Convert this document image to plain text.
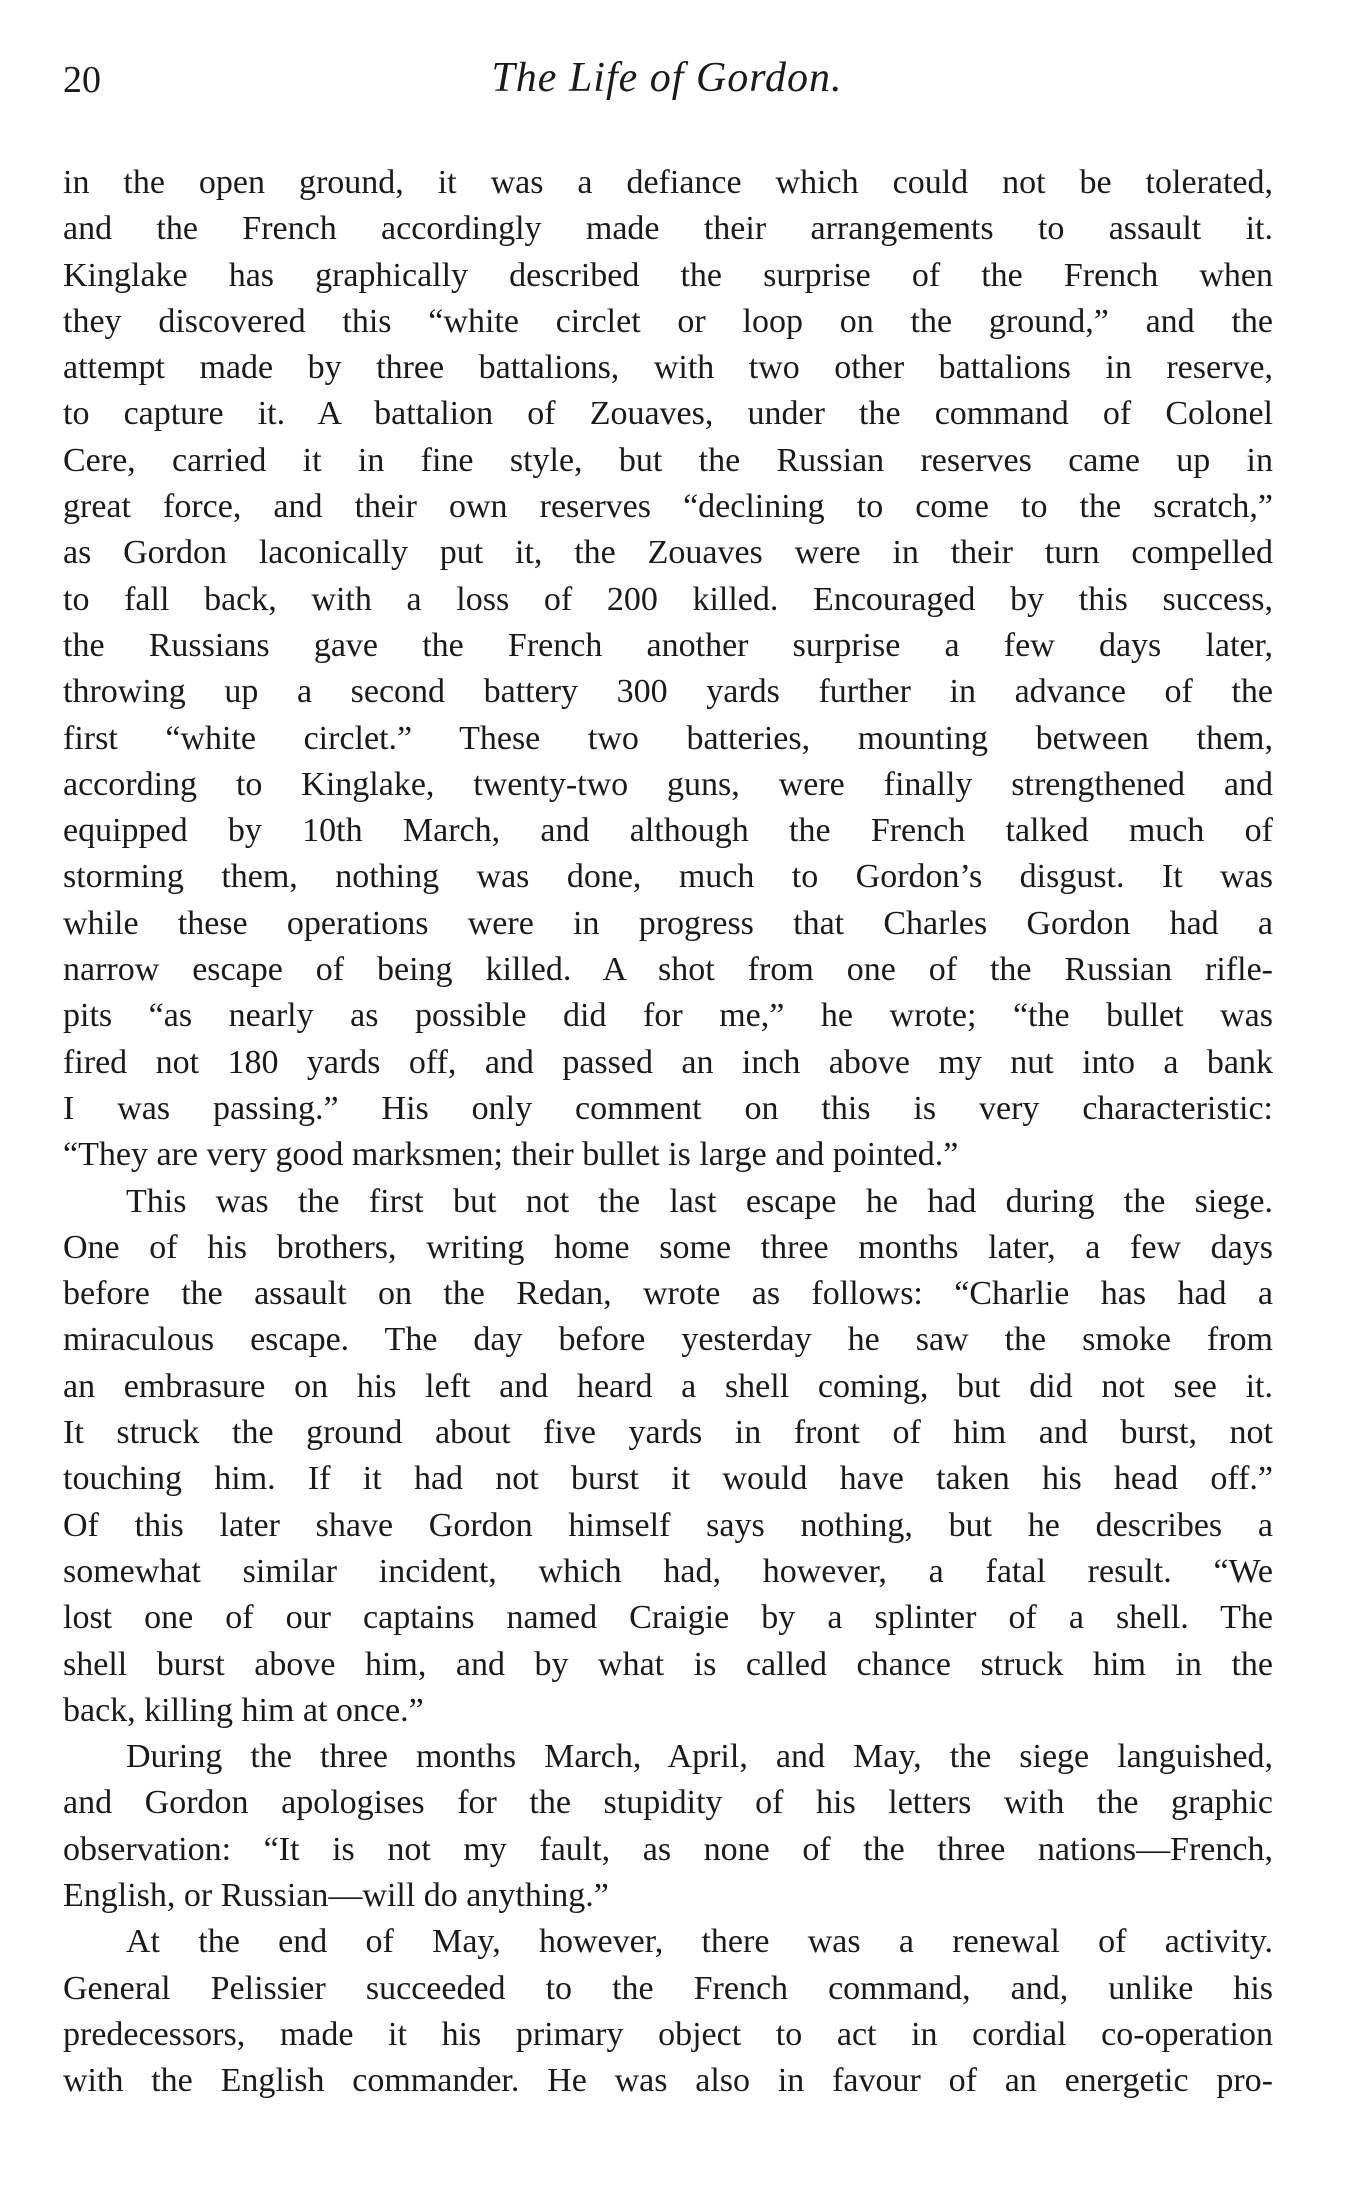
20	The Life of Gordon.
in the open ground, it was a defiance which could not be tolerated,
and the French accordingly made their arrangements to assault it.
Kinglake has graphically described the surprise of the French when
they discovered this “white circlet or loop on the ground,” and the
attempt made by three battalions, with two other battalions in reserve,
to capture it. A battalion of Zouaves, under the command of Colonel
Cere, carried it in fine style, but the Russian reserves came up in
great force, and their own reserves “declining to come to the scratch,”
as Gordon laconically put it, the Zouaves were in their turn compelled
to fall back, with a loss of 200 killed. Encouraged by this success,
the Russians gave the French another surprise a few days later,
throwing up a second battery 300 yards further in advance of the
first “white circlet.” These two batteries, mounting between them,
according to Kinglake, twenty-two guns, were finally strengthened and
equipped by 10th March, and although the French talked much of
storming them, nothing was done, much to Gordon’s disgust. It was
while these operations were in progress that Charles Gordon had a
narrow escape of being killed. A shot from one of the Russian rifle-
pits “as nearly as possible did for me,” he wrote; “the bullet was
fired not 180 yards off, and passed an inch above my nut into a bank
I was passing.” His only comment on this is very characteristic:
“They are very good marksmen; their bullet is large and pointed.”
This was the first but not the last escape he had during the siege.
One of his brothers, writing home some three months later, a few days
before the assault on the Redan, wrote as follows: “Charlie has had a
miraculous escape. The day before yesterday he saw the smoke from
an embrasure on his left and heard a shell coming, but did not see it.
It struck the ground about five yards in front of him and burst, not
touching him. If it had not burst it would have taken his head off.”
Of this later shave Gordon himself says nothing, but he describes a
somewhat similar incident, which had, however, a fatal result. “We
lost one of our captains named Craigie by a splinter of a shell. The
shell burst above him, and by what is called chance struck him in the
back, killing him at once.”
During the three months March, April, and May, the siege languished,
and Gordon apologises for the stupidity of his letters with the graphic
observation: “It is not my fault, as none of the three nations—French,
English, or Russian—will do anything.”
At the end of May, however, there was a renewal of activity.
General Pelissier succeeded to the French command, and, unlike his
predecessors, made it his primary object to act in cordial co-operation
with the English commander. He was also in favour of an energetic pro-
